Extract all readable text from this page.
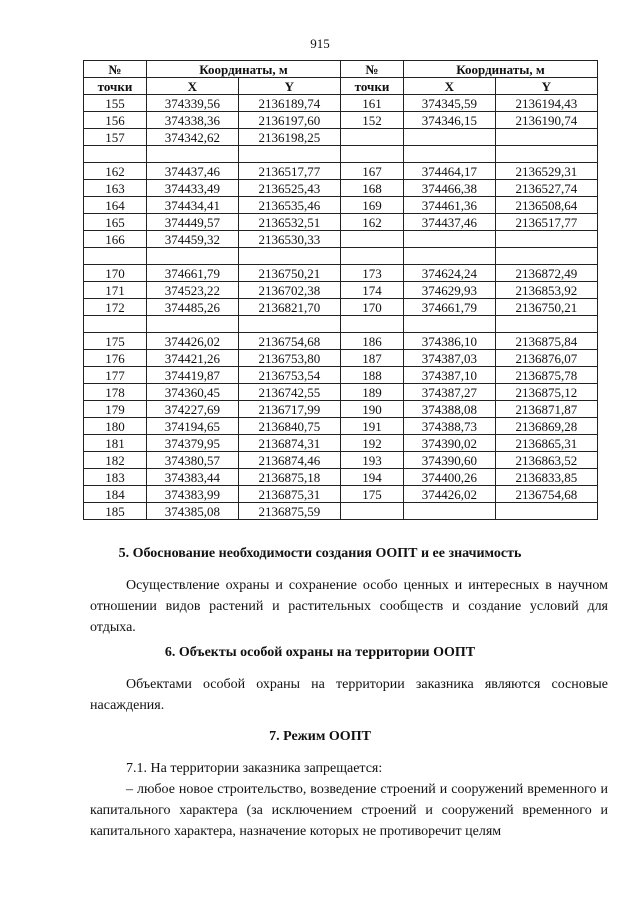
915
№	Координаты, м		№	Координаты, м	
точки	X	Y	точки	X	Y
155	374339,56	2136189,74	161	374345,59	2136194,43
156	374338,36	2136197,60	152	374346,15	2136190,74
157	374342,62	2136198,25			

162	374437,46	2136517,77	167	374464,17	2136529,31
163	374433,49	2136525,43	168	374466,38	2136527,74
164	374434,41	2136535,46	169	374461,36	2136508,64
165	374449,57	2136532,51	162	374437,46	2136517,77
166	374459,32	2136530,33			

170	374661,79	2136750,21	173	374624,24	2136872,49
171	374523,22	2136702,38	174	374629,93	2136853,92
172	374485,26	2136821,70	170	374661,79	2136750,21

175	374426,02	2136754,68	186	374386,10	2136875,84
176	374421,26	2136753,80	187	374387,03	2136876,07
177	374419,87	2136753,54	188	374387,10	2136875,78
178	374360,45	2136742,55	189	374387,27	2136875,12
179	374227,69	2136717,99	190	374388,08	2136871,87
180	374194,65	2136840,75	191	374388,73	2136869,28
181	374379,95	2136874,31	192	374390,02	2136865,31
182	374380,57	2136874,46	193	374390,60	2136863,52
183	374383,44	2136875,18	194	374400,26	2136833,85
184	374383,99	2136875,31	175	374426,02	2136754,68
185	374385,08	2136875,59			
5. Обоснование необходимости создания ООПТ и ее значимость
Осуществление охраны и сохранение особо ценных и интересных в научном отношении видов растений и растительных сообществ и создание условий для отдыха.
6. Объекты особой охраны на территории ООПТ
Объектами особой охраны на территории заказника являются сосновые насаждения.
7. Режим ООПТ
7.1. На территории заказника запрещается:
– любое новое строительство, возведение строений и сооружений временного и капитального характера (за исключением строений и сооружений временного и капитального характера, назначение которых не противоречит целям
